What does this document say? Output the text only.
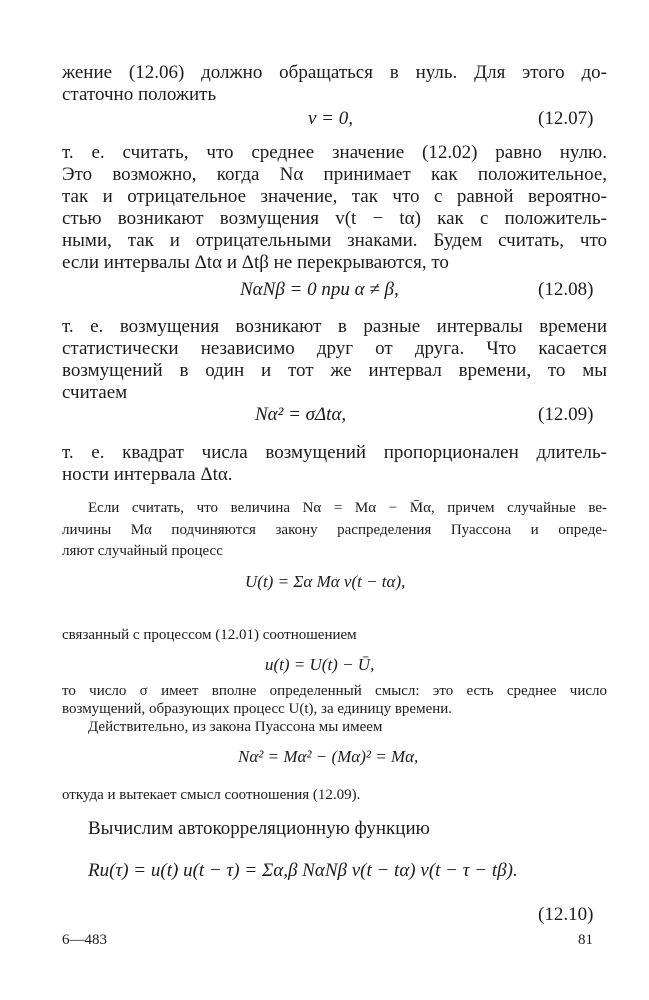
жение (12.06) должно обращаться в нуль. Для этого до-
статочно положить
ν = 0,	(12.07)
т. е. считать, что среднее значение (12.02) равно нулю.
Это возможно, когда Nα принимает как положительное,
так и отрицательное значение, так что с равной вероятно-
стью возникают возмущения v(t − tα) как с положитель-
ными, так и отрицательными знаками. Будем считать, что
если интервалы Δtα и Δtβ не перекрываются, то
NαNβ = 0 при α ≠ β,	(12.08)
т. е. возмущения возникают в разные интервалы времени
статистически независимо друг от друга. Что касается
возмущений в один и тот же интервал времени, то мы
считаем
Nα² = σΔtα,	(12.09)
т. е. квадрат числа возмущений пропорционален длитель-
ности интервала Δtα.
Если считать, что величина Nα = Mα − M̄α, причем случайные ве-
личины Mα подчиняются закону распределения Пуассона и опреде-
ляют случайный процесс
U(t) = Σα Mα v(t − tα),
связанный с процессом (12.01) соотношением
u(t) = U(t) − Ū,
то число σ имеет вполне определенный смысл: это есть среднее число
возмущений, образующих процесс U(t), за единицу времени.
Действительно, из закона Пуассона мы имеем
Nα² = Mα² − (Mα)² = Mα,
откуда и вытекает смысл соотношения (12.09).
Вычислим автокорреляционную функцию
Ru(τ) = u(t) u(t − τ) = Σα,β NαNβ v(t − tα) v(t − τ − tβ).
(12.10)
6—483	81
